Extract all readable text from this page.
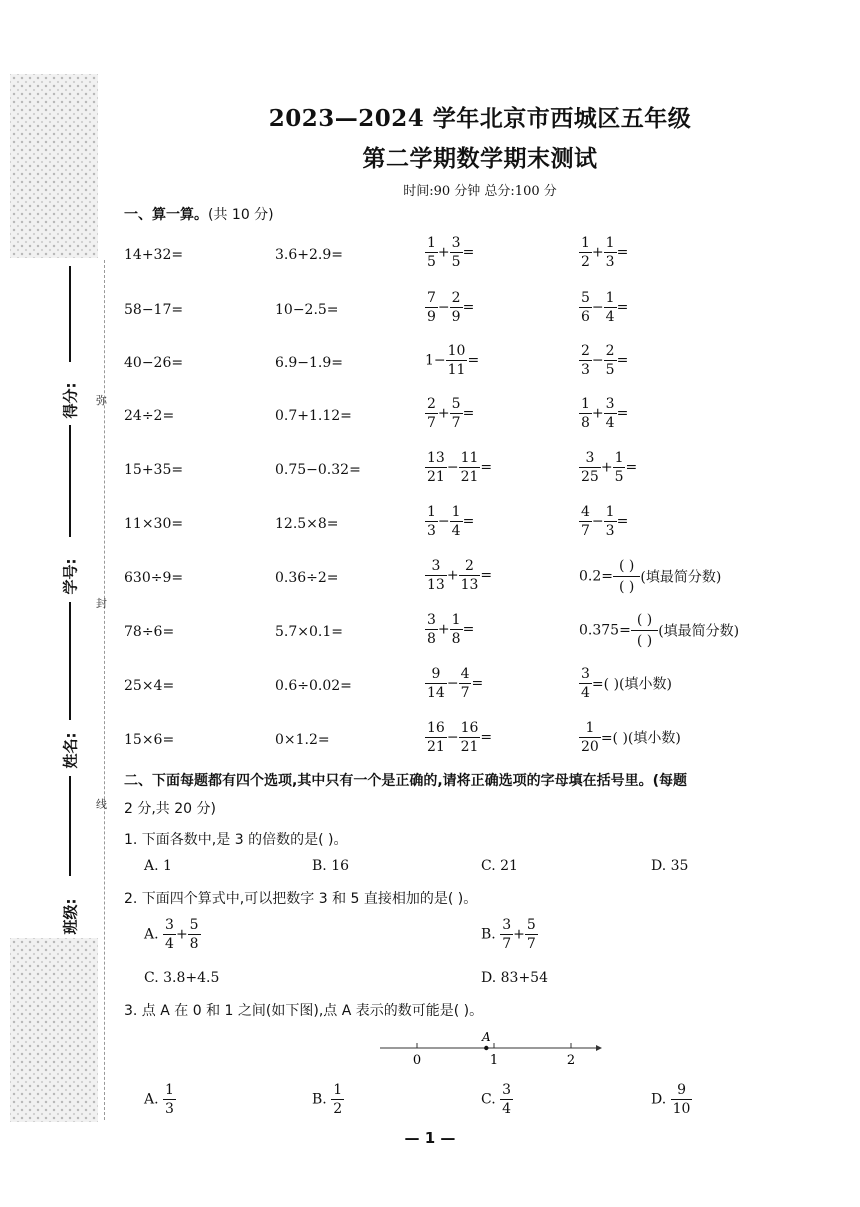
得分:
学号:
姓名:
班级:
弥
封
线
2023—2024 学年北京市西城区五年级
第二学期数学期末测试
时间:90 分钟 总分:100 分
一、算一算。(共 10 分)
14+32=	3.6+2.9=	$\frac{1}{5} + \frac{3}{5}$ =	$\frac{1}{2} + \frac{1}{3}$ =
58−17=	10−2.5=	$\frac{7}{9} - \frac{2}{9}$ =	$\frac{5}{6} - \frac{1}{4}$ =
40−26=	6.9−1.9=	$1- \frac{10}{11}$ =	$\frac{2}{3} - \frac{2}{5}$ =
24÷2=	0.7+1.12=	$\frac{2}{7} + \frac{5}{7}$ =	$\frac{1}{8} + \frac{3}{4}$ =
15+35=	0.75−0.32=	$\frac{13}{21} - \frac{11}{21}$ =	$\frac{3}{25} + \frac{1}{5}$ =
11×30=	12.5×8=	$\frac{1}{3} - \frac{1}{4}$ =	$\frac{4}{7} - \frac{1}{3}$ =
630÷9=	0.36÷2=	$\frac{3}{13} + \frac{2}{13}$ =	$0.2= \frac{( )}{( )}$ (填最简分数)
78÷6=	5.7×0.1=	$\frac{3}{8} + \frac{1}{8}$ =	$0.375= \frac{( )}{( )}$ (填最简分数)
25×4=	0.6÷0.02=	$\frac{9}{14} - \frac{4}{7}$ =	$\frac{3}{4}$ =( )(填小数)
15×6=	0×1.2=	$\frac{16}{21} - \frac{16}{21}$ =	$\frac{1}{20}$ =( )(填小数)
二、下面每题都有四个选项,其中只有一个是正确的,请将正确选项的字母填在括号里。(每题
2 分,共 20 分)
1. 下面各数中,是 3 的倍数的是( )。
A. 1	B. 16	C. 21	D. 35
2. 下面四个算式中,可以把数字 3 和 5 直接相加的是( )。
A. $\frac{3}{4} + \frac{5}{8}$	B. $\frac{3}{7} + \frac{5}{7}$
C. 3.8+4.5	D. 83+54
3. 点 A 在 0 和 1 之间(如下图),点 A 表示的数可能是( )。
0	1	2
A
A. $\frac{1}{3}$	B. $\frac{1}{2}$	C. $\frac{3}{4}$	D. $\frac{9}{10}$
— 1 —
